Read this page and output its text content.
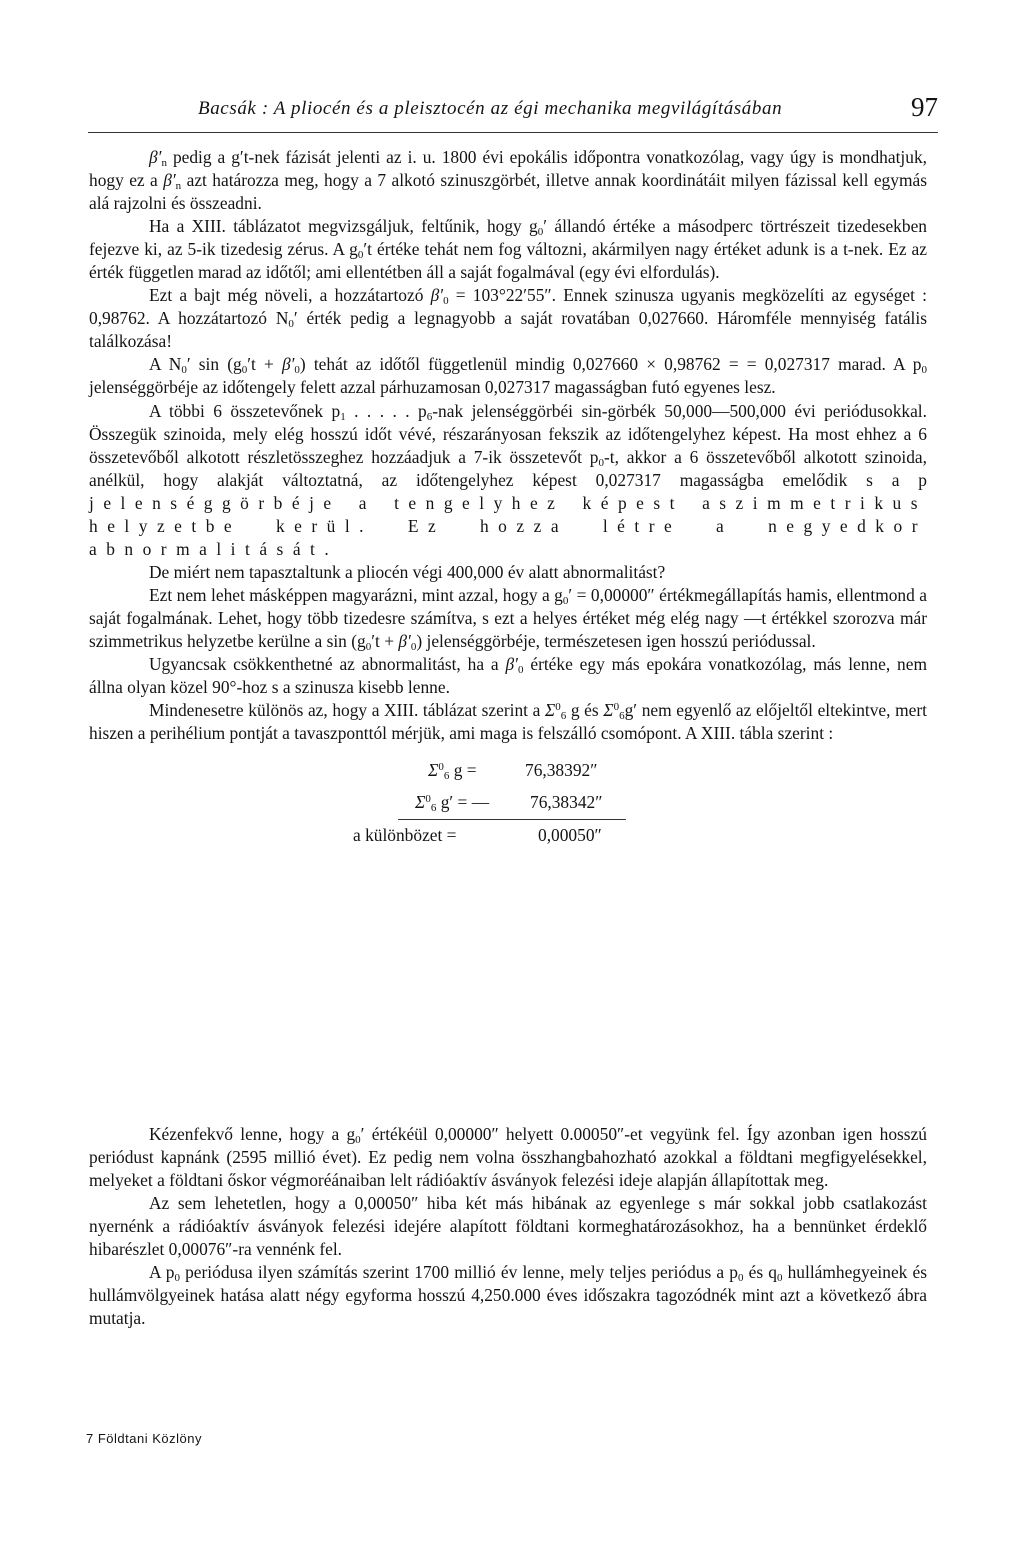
Bacsák : A pliocén és a pleisztocén az égi mechanika megvilágításában	97

$\beta'_n$ pedig a g′t-nek fázisát jelenti az i. u. 1800 évi epokális időpontra vonatkozólag, vagy úgy is mondhatjuk, hogy ez a $\beta'_n$ azt határozza meg, hogy a 7 alkotó szinuszgörbét, illetve annak koordinátáit milyen fázissal kell egymás alá rajzolni és összeadni.

Ha a XIII. táblázatot megvizsgáljuk, feltűnik, hogy $g_0'$ állandó értéke a másodperc törtrészeit tizedesekben fejezve ki, az 5-ik tizedesig zérus. A $g_0't$ értéke tehát nem fog változni, akármilyen nagy értéket adunk is a t-nek. Ez az érték független marad az időtől; ami ellentétben áll a saját fogalmával (egy évi elfordulás).

Ezt a bajt még növeli, a hozzátartozó $\beta'_0 = 103^\circ 22'55''$. Ennek szinusza ugyanis megközelíti az egységet : 0,98762. A hozzátartozó $N_0'$ érték pedig a legnagyobb a saját rovatában 0,027660. Háromféle mennyiség fatális találkozása!

A $N_0'$ $\sin (g_0't + \beta'_0)$ tehát az időtől függetlenül mindig 0,027660 × 0,98762 = = 0,027317 marad. A $p_0$ jelenséggörbéje az időtengely felett azzal párhuzamosan 0,027317 magasságban futó egyenes lesz.

A többi 6 összetevőnek $p_1$ . . . . . $p_6$-nak jelenséggörbéi sin-görbék 50,000—500,000 évi periódusokkal. Összegük szinoida, mely elég hosszú időt vévé, részarányosan fekszik az időtengelyhez képest. Ha most ehhez a 6 összetevőből alkotott részletösszeghez hozzáadjuk a 7-ik összetevőt $p_0-t$, akkor a 6 összetevőből alkotott szinoida, anélkül, hogy alakját változtatná, az időtengelyhez képest 0,027317 magasságba emelődik s a p jelenséggörbéje a tengelyhez képest aszimmetrikus helyzetbe kerül. Ez hozza létre a negyedkor abnormalitását.

De miért nem tapasztaltunk a pliocén végi 400,000 év alatt abnormalitást?

Ezt nem lehet másképpen magyarázni, mint azzal, hogy a $g_0' = 0,00000''$ értékmegállapítás hamis, ellentmond a saját fogalmának. Lehet, hogy több tizedesre számítva, s ezt a helyes értéket még elég nagy —t értékkel szorozva már szimmetrikus helyzetbe kerülne a $\sin (g_0't + \beta'_0)$ jelenséggörbéje, természetesen igen hosszú periódussal.

Ugyancsak csökkenthetné az abnormalitást, ha a $\beta'_0$ értéke egy más epokára vonatkozólag, más lenne, nem állna olyan közel 90°-hoz s a szinusza kisebb lenne.

Mindenesetre különös az, hogy a XIII. táblázat szerint a $\Sigma^0_6$ g és $\Sigma^0_6g'$ nem egyenlő az előjeltől eltekintve, mert hiszen a perihélium pontját a tavaszponttól mérjük, ami maga is felszálló csomópont. A XIII. tábla szerint :

$\Sigma^0_6$ g =	76,38392″
$\Sigma^0_6$ g′ = — 76,38342″
a különbözet =	0,00050″

Kézenfekvő lenne, hogy a $g_0'$ értékéül 0,00000″ helyett 0.00050″-et vegyünk fel. Így azonban igen hosszú periódust kapnánk (2595 millió évet). Ez pedig nem volna összhangbahozható azokkal a földtani megfigyelésekkel, melyeket a földtani őskor végmoréánaiban lelt rádióaktív ásványok felezési ideje alapján állapítottak meg.

Az sem lehetetlen, hogy a 0,00050″ hiba két más hibának az egyenlege s már sokkal jobb csatlakozást nyernénk a rádióaktív ásványok felezési idejére alapított földtani kormeghatározásokhoz, ha a bennünket érdeklő hibarészlet 0,00076″-ra vennénk fel.

A $p_0$ periódusa ilyen számítás szerint 1700 millió év lenne, mely teljes periódus a $p_0$ és $q_0$ hullámhegyeinek és hullámvölgyeinek hatása alatt négy egyforma hosszú 4,250.000 éves időszakra tagozódnék mint azt a következő ábra mutatja.

7 Földtani Közlöny
